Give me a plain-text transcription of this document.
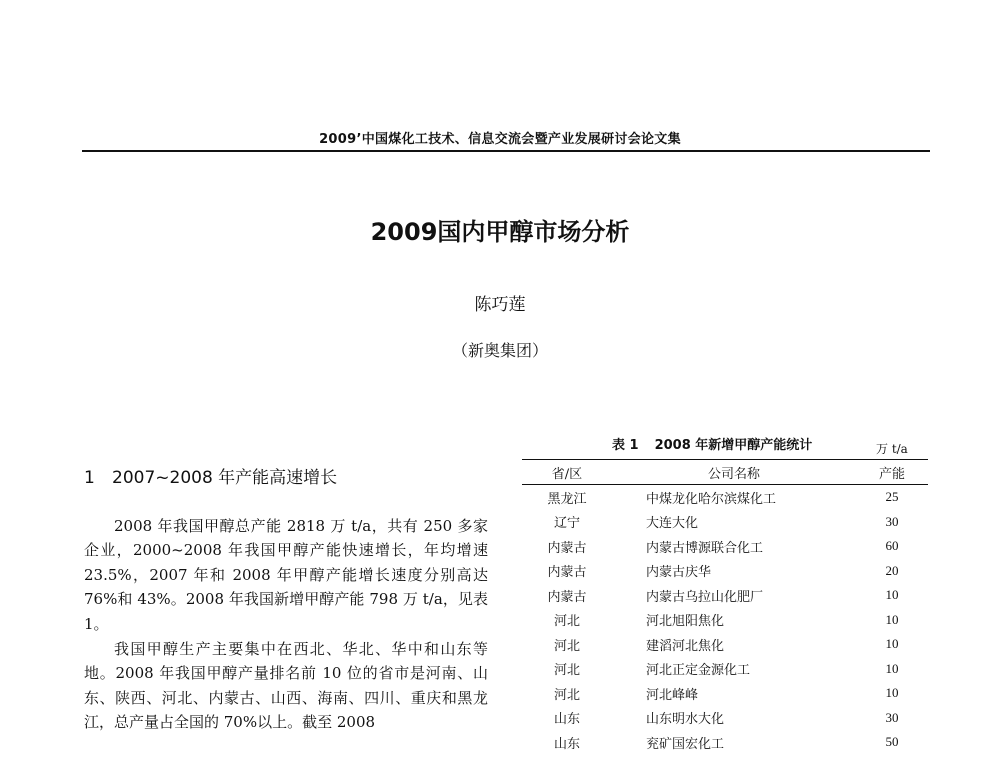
2009’中国煤化工技术、信息交流会暨产业发展研讨会论文集
2009国内甲醇市场分析
陈巧莲
（新奥集团）
1 2007~2008 年产能高速增长

2008 年我国甲醇总产能 2818 万 t/a，共有 250 多家企业，2000~2008 年我国甲醇产能快速增长，年均增速 23.5%，2007 年和 2008 年甲醇产能增长速度分别高达 76%和 43%。2008 年我国新增甲醇产能 798 万 t/a，见表 1。

我国甲醇生产主要集中在西北、华北、华中和山东等地。2008 年我国甲醇产量排名前 10 位的省市是河南、山东、陕西、河北、内蒙古、山西、海南、四川、重庆和黑龙江，总产量占全国的 70%以上。截至 2008

表 1 2008 年新增甲醇产能统计	万 t/a
省/区	公司名称	产能
黑龙江	中煤龙化哈尔滨煤化工	25
辽宁	大连大化	30
内蒙古	内蒙古博源联合化工	60
内蒙古	内蒙古庆华	20
内蒙古	内蒙古乌拉山化肥厂	10
河北	河北旭阳焦化	10
河北	建滔河北焦化	10
河北	河北正定金源化工	10
河北	河北峰峰	10
山东	山东明水大化	30
山东	兖矿国宏化工	50
